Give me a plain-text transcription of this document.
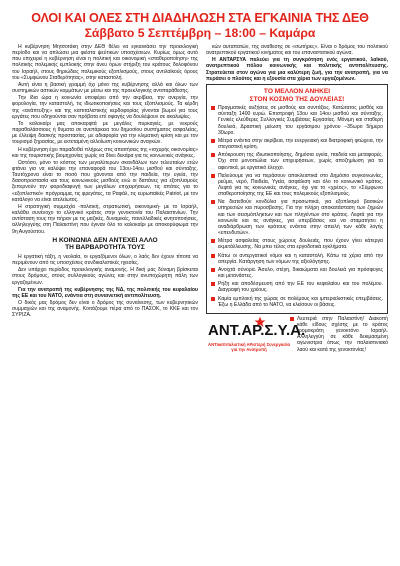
ΟΛΟΙ ΚΑΙ ΟΛΕΣ ΣΤΗ ΔΙΑΔΗΛΩΣΗ ΣΤΑ ΕΓΚΑΙΝΙΑ ΤΗΣ ΔΕΘ
Σάββατο 5 Σεπτέμβρη – 18:00 – Καμάρα

Η κυβέρνηση Μητσοτάκη στην ΔΕΘ θέλει να εγκαινιάσει την προεκλογική περίοδο και να απλώσει μια φιέστα ψεύτικων υποσχέσεων. Κυρίως όμως αυτό που επιχειρεί η κυβέρνηση είναι η πολιτική και οικονομική «σταθεροποίηση» της πολιτικής πολεμικής εμπλοκής στην άνευ όρων στήριξη του κράτους δολοφόνου του Ισραήλ, στους θηριώδεις πολεμικούς εξοπλισμούς, στους αντιλαϊκούς όρους του «Συμφώνου Σταθερότητας», στην καταστολή.

Αυτή είναι η βασική γραμμή όχι μόνο της κυβέρνησης αλλά και όλων των συστημικών αστικών κομμάτων με μέσω και της προεκλογικής αντιπαράθεσης.

Την ίδια ώρα η κοινωνία υποφέρει από την ακρίβεια, την ανεργία, την φορολογία, την καταστολή, τις ιδιωτικοποιήσεις και τους εξοπλισμούς. Τα κέρδη της «ανάπτυξης» και της καπιταλιστικής κερδοφορίας γίνονται βωμοί για τους εργάτες που οδηγούνται σαν πρόβατα επί σφαγής να δουλέψουν σε ακαλυψίες.

Το καλοκαίρι μας αποκαρφτά με μεγάλες πυρκαγιές, με νεκρούς παραθαλάσσιους ή θυματα σε ανεπάρκεια του δημοσίου συστήματος ασφαλείας, με έλλειψη δασικής προστασίας, με αδιαφορία για την κλιματική κρίση και με τον τουρισμό ξηρασίας, με εκτεταμένη αλλοίωση κοινωνικών αναγκών.

Η κυβέρνηση έχει παραδοθεί πλήρως στις απαιτήσεις της «ισχυρής οικονομίας» και της τουριστικής βιομηχανίας χωρίς να δίνει δεκάρα για τις κοινωνικές ανάγκες.

Ωστόσο, μόνο το κόστος των μεγαλύτερων σκανδάλων των τελευταίων ετών φτάνει για να καλύψει την επαναφορά του 13ου-14ου μισθού και σύνταξης. Ταυτόχρονα είναι το ποσό που χάνονται από την παιδεία, την υγεία, την δασοπροστασία και τους κοινωνικούς μισθούς ενώ οι δαπάνες για εξοπλισμούς ξεπερνούν την φοροδιαφυγή των μεγάλων επιχειρήσεων, τις απάτες για το «εξοπλιστικό» πρόγραμμα, τις φρεγάτες, τα Ραφάλ, τις ευρωπαϊκές Patriot, με τον κατάλογο να είναι ατελείωτος.

Η στρατηγική συμμαχία -πολιτική, στρατιωτική, οικονομική- με το Ισραήλ, καλάθει συνένοχο το ελληνικό κράτος στην γενοκτονία του Παλαιστινίων. Την αντίσταση τους την πήραν με τις μαζικές, δυναμικές, πανελλαδικές κινητοποιήσεις, αλληλεγγύης στη Παλαιστίνη που έγιναν όλο το καλοκαίρι με αποκορύφωμα την 9η Αυγούστου.

Η ΚΟΙΝΩΝΙΑ ΔΕΝ ΑΝΤΕΧΕΙ ΑΛΛΟ
ΤΗ ΒΑΡΒΑΡΟΤΗΤΑ ΤΟΥΣ

Η εργατική τάξη, η νεολαία, οι εργαζόμενοι όλων, ο λαός δεν έχουν τίποτα να περιμένουν από τις υποσχέσεις συνδικαλιστικές ηγεσίες.

Δεν υπάρχει περίοδος προεκλογικής αναμονής. Η δική μας δύναμη βρίσκεται στους δρόμους, στους συλλογικούς αγώνες και στην ανυποχώρητη πάλη των εργαζομένων.

Για την ανατροπή της κυβέρνησης της ΝΔ, της πολιτικής του κεφαλαίου της ΕΕ και του ΝΑΤΟ, ενάντια στη συναινετική αντιπολίτευση.

Ο δικός μας δρόμος δεν είναι ο δρόμος της συναίνεσης, των κυβερνητικών συμμαχιών και της αναμονής. Κοιτάζουμε πέρα από το ΠΑΣΟΚ, το ΚΚΕ και τον ΣΥΡΙΖΑ.

κών αυταπατών, της αναθεσης σε «σωτήρες». Είναι ο δρόμος του πολιτικού ανατρεπτικού εργατικού κινήματος και του επαναστατικού αγώνα.

Η ΑΝΤΑΡΣΥΑ παλεύει για τη συγκρότηση ενός εργατικού, λαϊκού, ανατρεπτικού πόλου κοινωνικής και πολιτικής αντιπολίτευσης. Στρατεύεται στον αγώνα για μια καλύτερη ζωή, για την ανατροπή, για να περάσει ο πλούτος και η εξουσία στα χέρια των εργαζομένων.

ΤΟ ΜΕΛΛΟΝ ΑΝΗΚΕΙ
ΣΤΟΝ ΚΟΣΜΟ ΤΗΣ ΔΟΥΛΕΙΑΣ!
Πραγματικές αυξήσεις σε μισθούς και συντάξεις. Κατώτατος μισθός και σύνταξη 1400 ευρώ. Επιστροφή 13ου και 14ου μισθού και σύνταξης. Γενικές ελεύθερες Συλλογικές Συμβάσεις Εργασίας. Μόνιμη και σταθερή δουλειά, Δραστική μείωση του εργάσιμου χρόνου –35ωρο 5ήμερο 30ωρο.
Μέτρα ενάντια στην ακρίβεια, την ενεργειακή και διατροφική φτώχεια, την στεγαστική κρίση.
Απόκρουση της ιδιωτικοποίησης, δημόσια υγεία, παιδεία και μεταφορές. Όχι στα μονοπώλια των επιχειρήσεων, χωρίς αποζημίωση για τα αφεντικά, με εργατικό έλεγχο.
Παλεύουμε για να περάσουν αποκλειστικά στο Δημόσιο συγκοινωνίες, ρεύμα, νερό, Παιδεία, Υγεία, ασφάλιση και όλο το κοινωνικό κράτος. Λεφτά για τις κοινωνικές ανάγκες, όχι για το «χρέος», το «Σύμφωνο σταθεροποίησης της ΕΕ και τους πολεμικούς εξοπλισμούς.
Να διατεθούν κονδύλια για προσωπικά, για εξοπλισμό βασικών υπηρεσιών και πυροσβεσης. Για την πλήρη αποκατάσταση των ζημιών και των σεισμόπληκτων και των πληγέντων στο κράτος. Λεφτά για την κοινωνία και τις ανάγκες, για υπερβάσεις και να σταματήσει η αναδιάρθρωση των κράτους ενάντια στην απειλή των κάθε λογής «επενδυτών».
Μέτρα ασφαλείας στους χώρους δουλειάς, που έχουν γίνει κάτεργα εκμετάλλευσης. Να μπει τέλος στα εργοδοτικά εγκλήματα.
Κάτω οι αντεργατικοί νόμοι και η καταστολή. Κάτω τα χέρια από την απεργία. Κατάργηση των νόμων της αξιολόγησης.
Ανοιχτά σύνορα. Άσυλο, στέγη, δικαιώματα και δουλειά για πρόσφυγες και μετανάστες.
Ρήξη και αποδέσμευση από την ΕΕ του κεφαλαίου και του πολέμου. Διαγραφή του χρέους.
Καμία εμπλοκή της χώρας σε πολέμους και ιμπεριαλιστικές επεμβάσεις. Έξω η Ελλάδα από το ΝΑΤΟ, να κλείσουν οι βάσεις.
ΑΝΤ.ΑΡ.Σ.Υ.Α.
ΑΝΤΙκαπιταλιστική ΑΡιστερή Συνεργασία για την Ανατροπή
Λευτεριά στην Παλαιστίνη! Διακοπή κάθε είδους σχέσης με το κράτος τρομοκράτη γενοκτόνο Ισραήλ. Αλληλεγγύη σε κάθε δεκιμασμένη αγωνιστρια όπως την παλαιστινιακό λαού και κατά της γενοκτονίας!
